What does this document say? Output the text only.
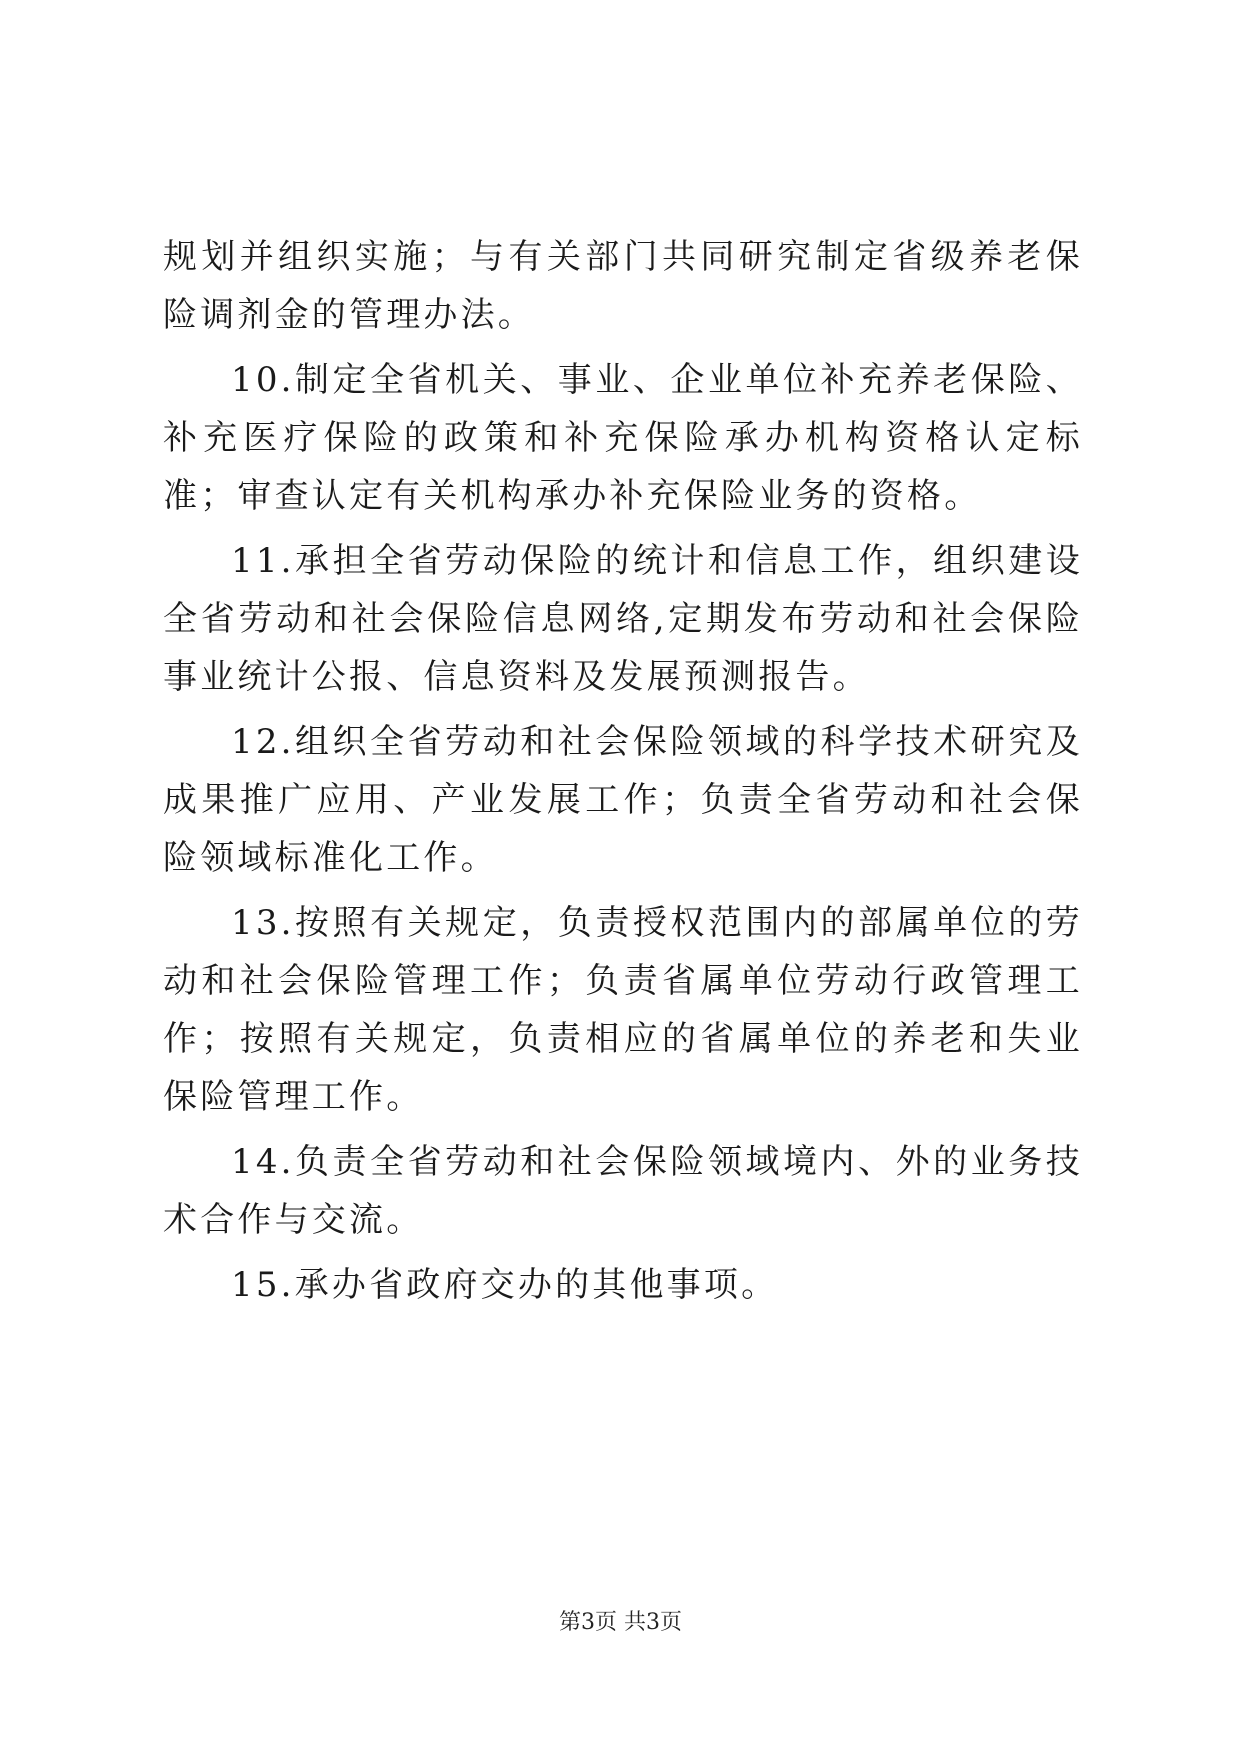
规划并组织实施；与有关部门共同研究制定省级养老保险调剂金的管理办法。

10.制定全省机关、事业、企业单位补充养老保险、补充医疗保险的政策和补充保险承办机构资格认定标准；审查认定有关机构承办补充保险业务的资格。

11.承担全省劳动保险的统计和信息工作，组织建设全省劳动和社会保险信息网络,定期发布劳动和社会保险事业统计公报、信息资料及发展预测报告。

12.组织全省劳动和社会保险领域的科学技术研究及成果推广应用、产业发展工作；负责全省劳动和社会保险领域标准化工作。

13.按照有关规定，负责授权范围内的部属单位的劳动和社会保险管理工作；负责省属单位劳动行政管理工作；按照有关规定，负责相应的省属单位的养老和失业保险管理工作。

14.负责全省劳动和社会保险领域境内、外的业务技术合作与交流。

15.承办省政府交办的其他事项。

第3页 共3页
